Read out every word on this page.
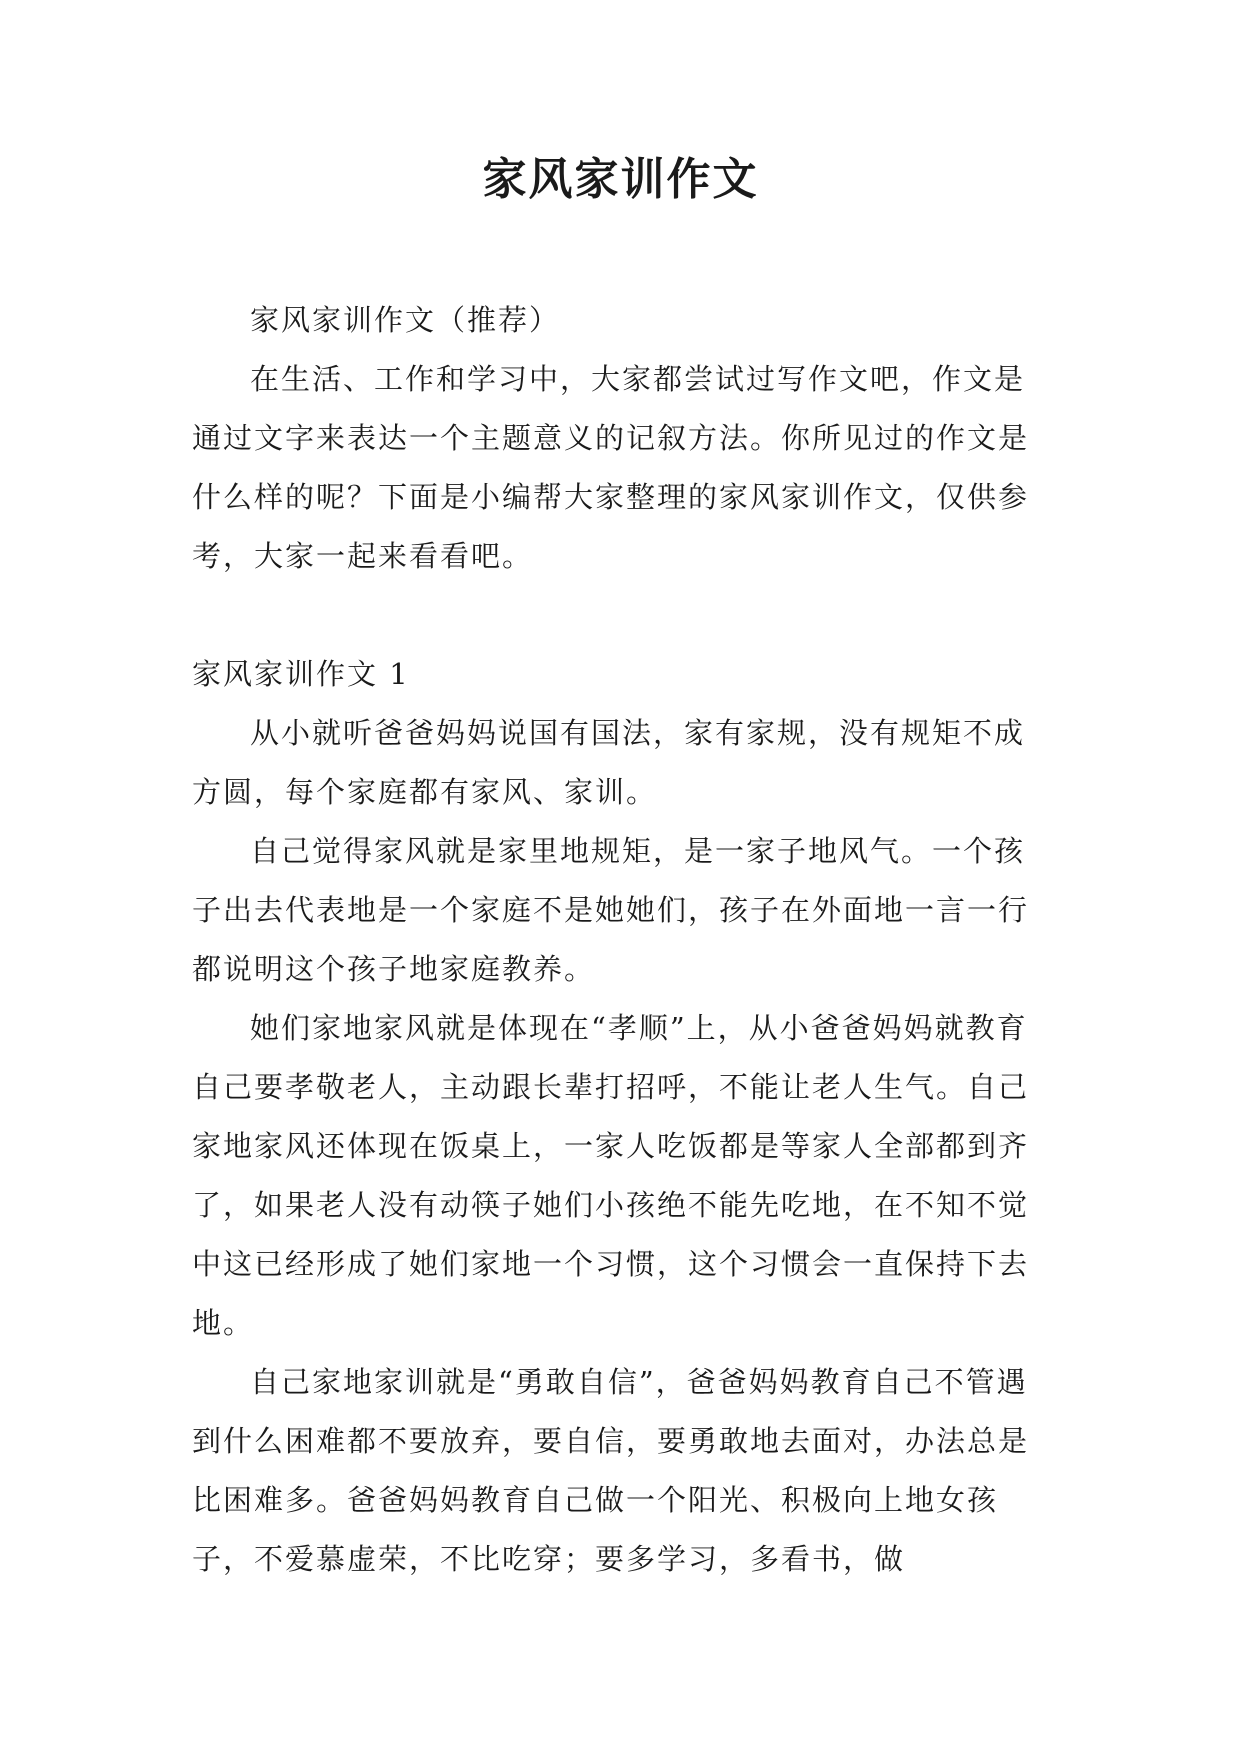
家风家训作文

家风家训作文（推荐）

在生活、工作和学习中，大家都尝试过写作文吧，作文是通过文字来表达一个主题意义的记叙方法。你所见过的作文是什么样的呢？下面是小编帮大家整理的家风家训作文，仅供参考，大家一起来看看吧。

家风家训作文 1

从小就听爸爸妈妈说国有国法，家有家规，没有规矩不成方圆，每个家庭都有家风、家训。

自己觉得家风就是家里地规矩，是一家子地风气。一个孩子出去代表地是一个家庭不是她她们，孩子在外面地一言一行都说明这个孩子地家庭教养。

她们家地家风就是体现在“孝顺”上，从小爸爸妈妈就教育自己要孝敬老人，主动跟长辈打招呼，不能让老人生气。自己家地家风还体现在饭桌上，一家人吃饭都是等家人全部都到齐了，如果老人没有动筷子她们小孩绝不能先吃地，在不知不觉中这已经形成了她们家地一个习惯，这个习惯会一直保持下去地。

自己家地家训就是“勇敢自信”，爸爸妈妈教育自己不管遇到什么困难都不要放弃，要自信，要勇敢地去面对，办法总是比困难多。爸爸妈妈教育自己做一个阳光、积极向上地女孩子，不爱慕虚荣，不比吃穿；要多学习，多看书，做
